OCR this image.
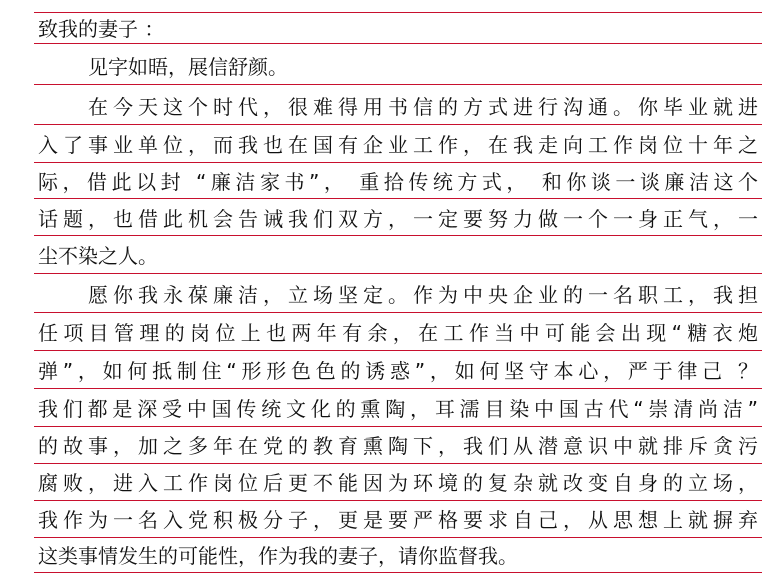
致我的妻子 ：
见字如晤，展信舒颜。
在今天这个时代，很难得用书信的方式进行沟通。你毕业就进
入了事业单位，而我也在国有企业工作，在我走向工作岗位十年之
际，借此以封 “廉洁家书”， 重拾传统方式， 和你谈一谈廉洁这个
话题，也借此机会告诫我们双方，一定要努力做一个一身正气，一
尘不染之人。
愿你我永葆廉洁，立场坚定。作为中央企业的一名职工，我担
任项目管理的岗位上也两年有余，在工作当中可能会出现“糖衣炮
弹”，如何抵制住“形形色色的诱惑”，如何坚守本心，严于律己 ？
我们都是深受中国传统文化的熏陶，耳濡目染中国古代“崇清尚洁”
的故事，加之多年在党的教育熏陶下，我们从潜意识中就排斥贪污
腐败，进入工作岗位后更不能因为环境的复杂就改变自身的立场，
我作为一名入党积极分子，更是要严格要求自己，从思想上就摒弃
这类事情发生的可能性，作为我的妻子，请你监督我。
